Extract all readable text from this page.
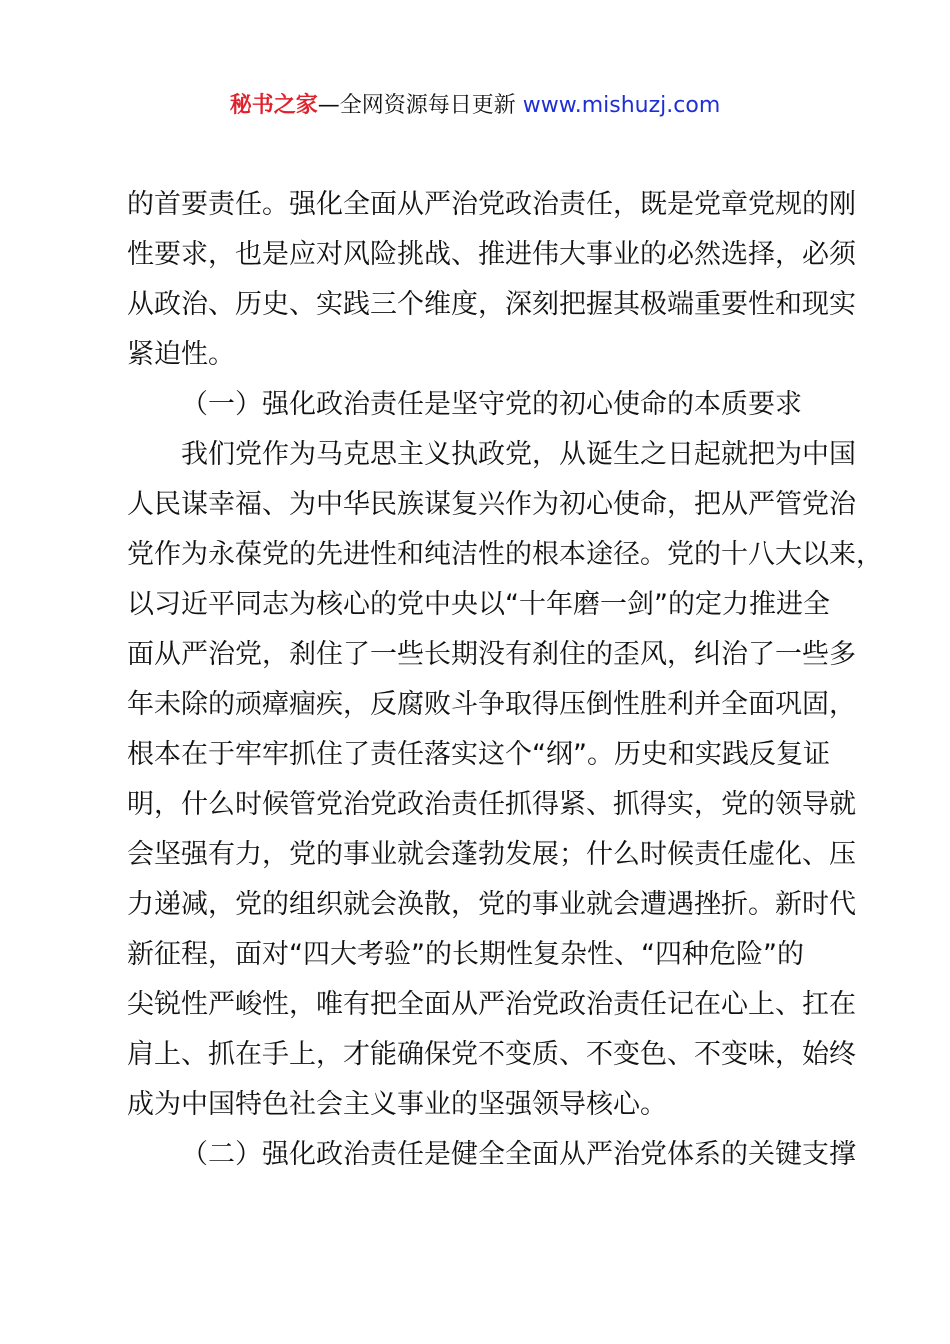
秘书之家—全网资源每日更新 www.mishuzj.com
的首要责任。强化全面从严治党政治责任，既是党章党规的刚
性要求，也是应对风险挑战、推进伟大事业的必然选择，必须
从政治、历史、实践三个维度，深刻把握其极端重要性和现实
紧迫性。
（一）强化政治责任是坚守党的初心使命的本质要求
我们党作为马克思主义执政党，从诞生之日起就把为中国
人民谋幸福、为中华民族谋复兴作为初心使命，把从严管党治
党作为永葆党的先进性和纯洁性的根本途径。党的十八大以来，
以习近平同志为核心的党中央以“十年磨一剑”的定力推进全
面从严治党，刹住了一些长期没有刹住的歪风，纠治了一些多
年未除的顽瘴痼疾，反腐败斗争取得压倒性胜利并全面巩固，
根本在于牢牢抓住了责任落实这个“纲”。历史和实践反复证
明，什么时候管党治党政治责任抓得紧、抓得实，党的领导就
会坚强有力，党的事业就会蓬勃发展；什么时候责任虚化、压
力递减，党的组织就会涣散，党的事业就会遭遇挫折。新时代
新征程，面对“四大考验”的长期性复杂性、“四种危险”的
尖锐性严峻性，唯有把全面从严治党政治责任记在心上、扛在
肩上、抓在手上，才能确保党不变质、不变色、不变味，始终
成为中国特色社会主义事业的坚强领导核心。
（二）强化政治责任是健全全面从严治党体系的关键支撑
